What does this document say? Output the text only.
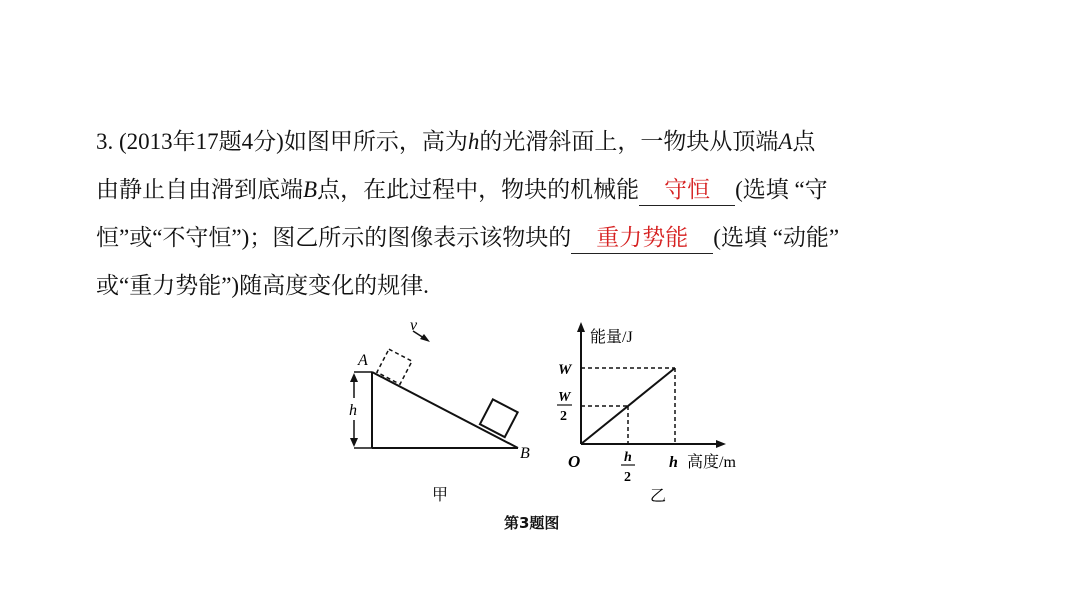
3. (2013年17题4分)如图甲所示，高为h的光滑斜面上，一物块从顶端A点
由静止自由滑到底端B点，在此过程中，物块的机械能 守恒 (选填 “守
恒”或“不守恒”)；图乙所示的图像表示该物块的 重力势能 (选填 “动能”
或“重力势能”)随高度变化的规律.
A
B
h
v
甲
能量/J
高度/m
O
W
W
2
h
2
h
乙
第3题图
